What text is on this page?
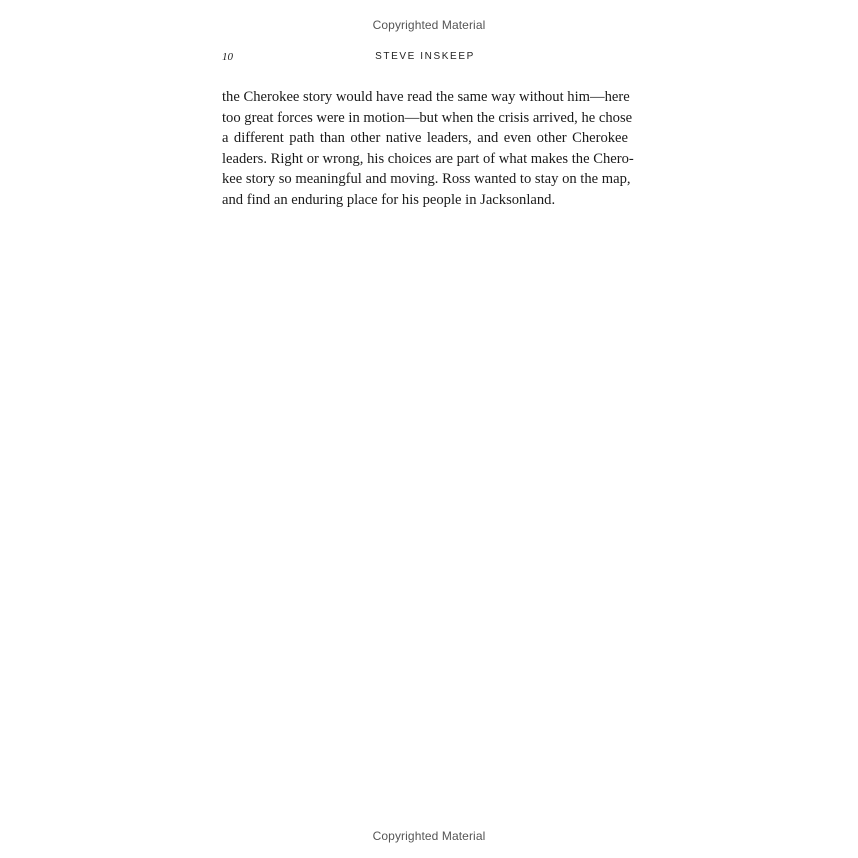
Copyrighted Material
10	STEVE INSKEEP

the Cherokee story would have read the same way without him—here
too great forces were in motion—but when the crisis arrived, he chose
a different path than other native leaders, and even other Cherokee
leaders. Right or wrong, his choices are part of what makes the Chero-
kee story so meaningful and moving. Ross wanted to stay on the map,
and find an enduring place for his people in Jacksonland.

Copyrighted Material
